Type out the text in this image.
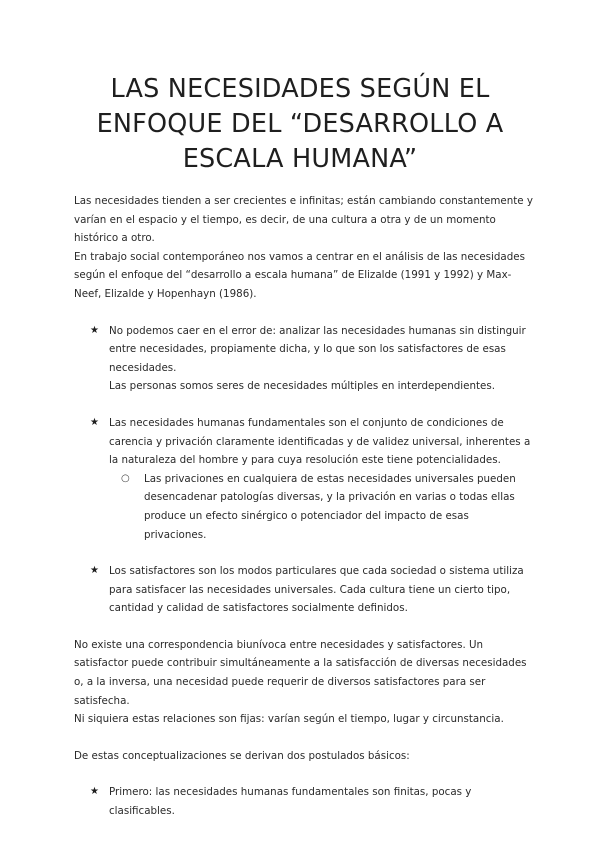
LAS NECESIDADES SEGÚN EL ENFOQUE DEL “DESARROLLO A ESCALA HUMANA”

Las necesidades tienden a ser crecientes e infinitas; están cambiando constantemente y varían en el espacio y el tiempo, es decir, de una cultura a otra y de un momento histórico a otro.

En trabajo social contemporáneo nos vamos a centrar en el análisis de las necesidades según el enfoque del “desarrollo a escala humana” de Elizalde (1991 y 1992) y Max-Neef, Elizalde y Hopenhayn (1986).

★ No podemos caer en el error de: analizar las necesidades humanas sin distinguir entre necesidades, propiamente dicha, y lo que son los satisfactores de esas necesidades.

Las personas somos seres de necesidades múltiples en interdependientes.

★ Las necesidades humanas fundamentales son el conjunto de condiciones de carencia y privación claramente identificadas y de validez universal, inherentes a la naturaleza del hombre y para cuya resolución este tiene potencialidades.

○ Las privaciones en cualquiera de estas necesidades universales pueden desencadenar patologías diversas, y la privación en varias o todas ellas produce un efecto sinérgico o potenciador del impacto de esas privaciones.

★ Los satisfactores son los modos particulares que cada sociedad o sistema utiliza para satisfacer las necesidades universales. Cada cultura tiene un cierto tipo, cantidad y calidad de satisfactores socialmente definidos.

No existe una correspondencia biunívoca entre necesidades y satisfactores. Un satisfactor puede contribuir simultáneamente a la satisfacción de diversas necesidades o, a la inversa, una necesidad puede requerir de diversos satisfactores para ser satisfecha.

Ni siquiera estas relaciones son fijas: varían según el tiempo, lugar y circunstancia.

De estas conceptualizaciones se derivan dos postulados básicos:

★ Primero: las necesidades humanas fundamentales son finitas, pocas y clasificables.
